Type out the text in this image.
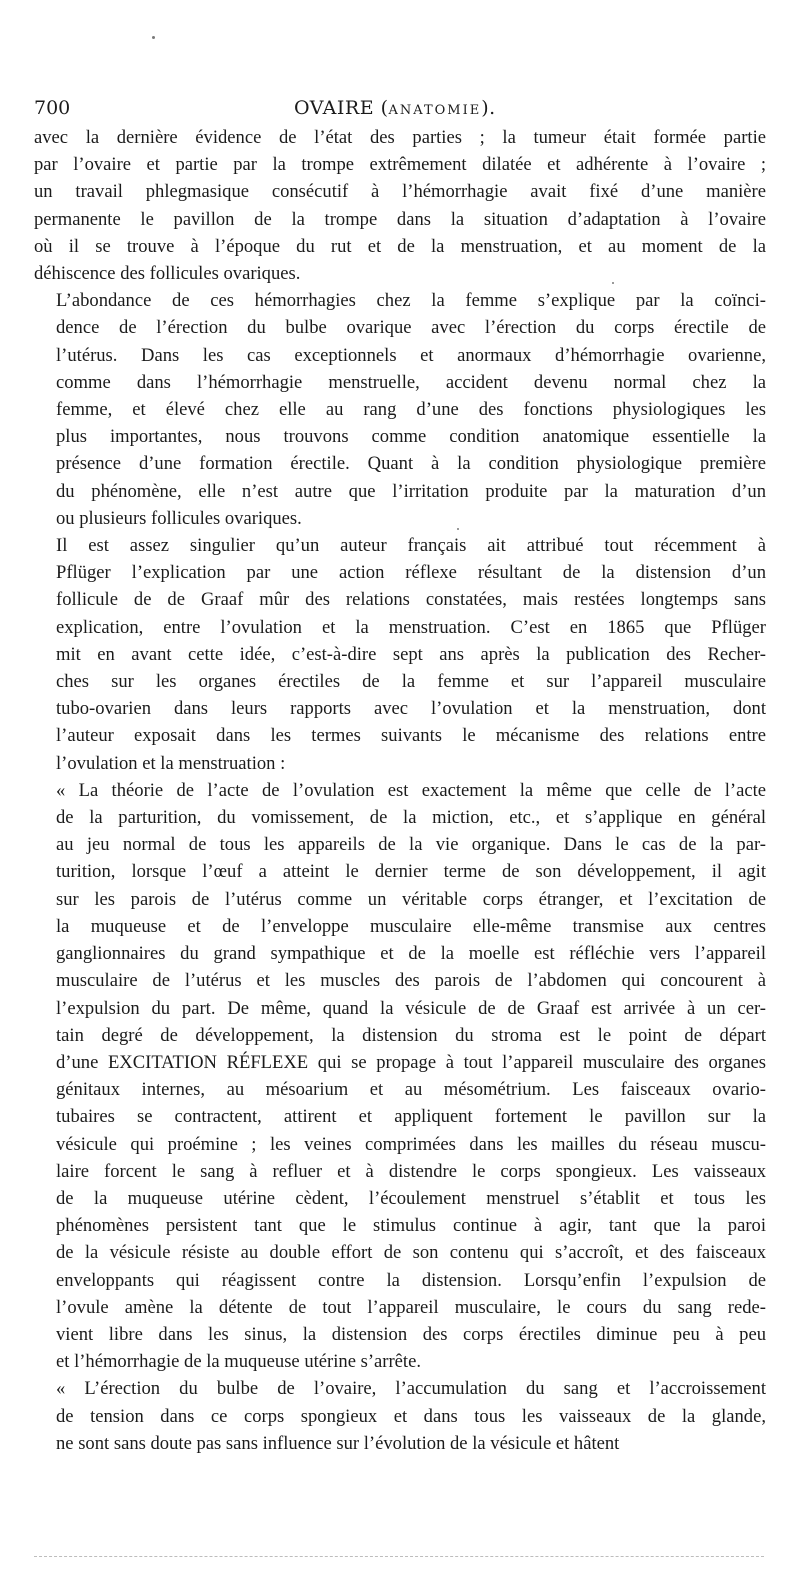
700	OVAIRE (ANATOMIE).

avec la dernière évidence de l’état des parties ; la tumeur était formée partie
par l’ovaire et partie par la trompe extrêmement dilatée et adhérente à l’ovaire ;
un travail phlegmasique consécutif à l’hémorrhagie avait fixé d’une manière
permanente le pavillon de la trompe dans la situation d’adaptation à l’ovaire
où il se trouve à l’époque du rut et de la menstruation, et au moment de la
déhiscence des follicules ovariques.

L’abondance de ces hémorrhagies chez la femme s’explique par la coïnci-
dence de l’érection du bulbe ovarique avec l’érection du corps érectile de
l’utérus. Dans les cas exceptionnels et anormaux d’hémorrhagie ovarienne,
comme dans l’hémorrhagie menstruelle, accident devenu normal chez la
femme, et élevé chez elle au rang d’une des fonctions physiologiques les
plus importantes, nous trouvons comme condition anatomique essentielle la
présence d’une formation érectile. Quant à la condition physiologique première
du phénomène, elle n’est autre que l’irritation produite par la maturation d’un
ou plusieurs follicules ovariques.

Il est assez singulier qu’un auteur français ait attribué tout récemment à
Pflüger l’explication par une action réflexe résultant de la distension d’un
follicule de de Graaf mûr des relations constatées, mais restées longtemps sans
explication, entre l’ovulation et la menstruation. C’est en 1865 que Pflüger
mit en avant cette idée, c’est-à-dire sept ans après la publication des Recher-
ches sur les organes érectiles de la femme et sur l’appareil musculaire
tubo-ovarien dans leurs rapports avec l’ovulation et la menstruation, dont
l’auteur exposait dans les termes suivants le mécanisme des relations entre
l’ovulation et la menstruation :

« La théorie de l’acte de l’ovulation est exactement la même que celle de l’acte
de la parturition, du vomissement, de la miction, etc., et s’applique en général
au jeu normal de tous les appareils de la vie organique. Dans le cas de la par-
turition, lorsque l’œuf a atteint le dernier terme de son développement, il agit
sur les parois de l’utérus comme un véritable corps étranger, et l’excitation de
la muqueuse et de l’enveloppe musculaire elle-même transmise aux centres
ganglionnaires du grand sympathique et de la moelle est réfléchie vers l’appareil
musculaire de l’utérus et les muscles des parois de l’abdomen qui concourent à
l’expulsion du part. De même, quand la vésicule de de Graaf est arrivée à un cer-
tain degré de développement, la distension du stroma est le point de départ
d’une EXCITATION RÉFLEXE qui se propage à tout l’appareil musculaire des organes
génitaux internes, au mésoarium et au mésométrium. Les faisceaux ovario-
tubaires se contractent, attirent et appliquent fortement le pavillon sur la
vésicule qui proémine ; les veines comprimées dans les mailles du réseau muscu-
laire forcent le sang à refluer et à distendre le corps spongieux. Les vaisseaux
de la muqueuse utérine cèdent, l’écoulement menstruel s’établit et tous les
phénomènes persistent tant que le stimulus continue à agir, tant que la paroi
de la vésicule résiste au double effort de son contenu qui s’accroît, et des faisceaux
enveloppants qui réagissent contre la distension. Lorsqu’enfin l’expulsion de
l’ovule amène la détente de tout l’appareil musculaire, le cours du sang rede-
vient libre dans les sinus, la distension des corps érectiles diminue peu à peu
et l’hémorrhagie de la muqueuse utérine s’arrête.

« L’érection du bulbe de l’ovaire, l’accumulation du sang et l’accroissement
de tension dans ce corps spongieux et dans tous les vaisseaux de la glande,
ne sont sans doute pas sans influence sur l’évolution de la vésicule et hâtent
